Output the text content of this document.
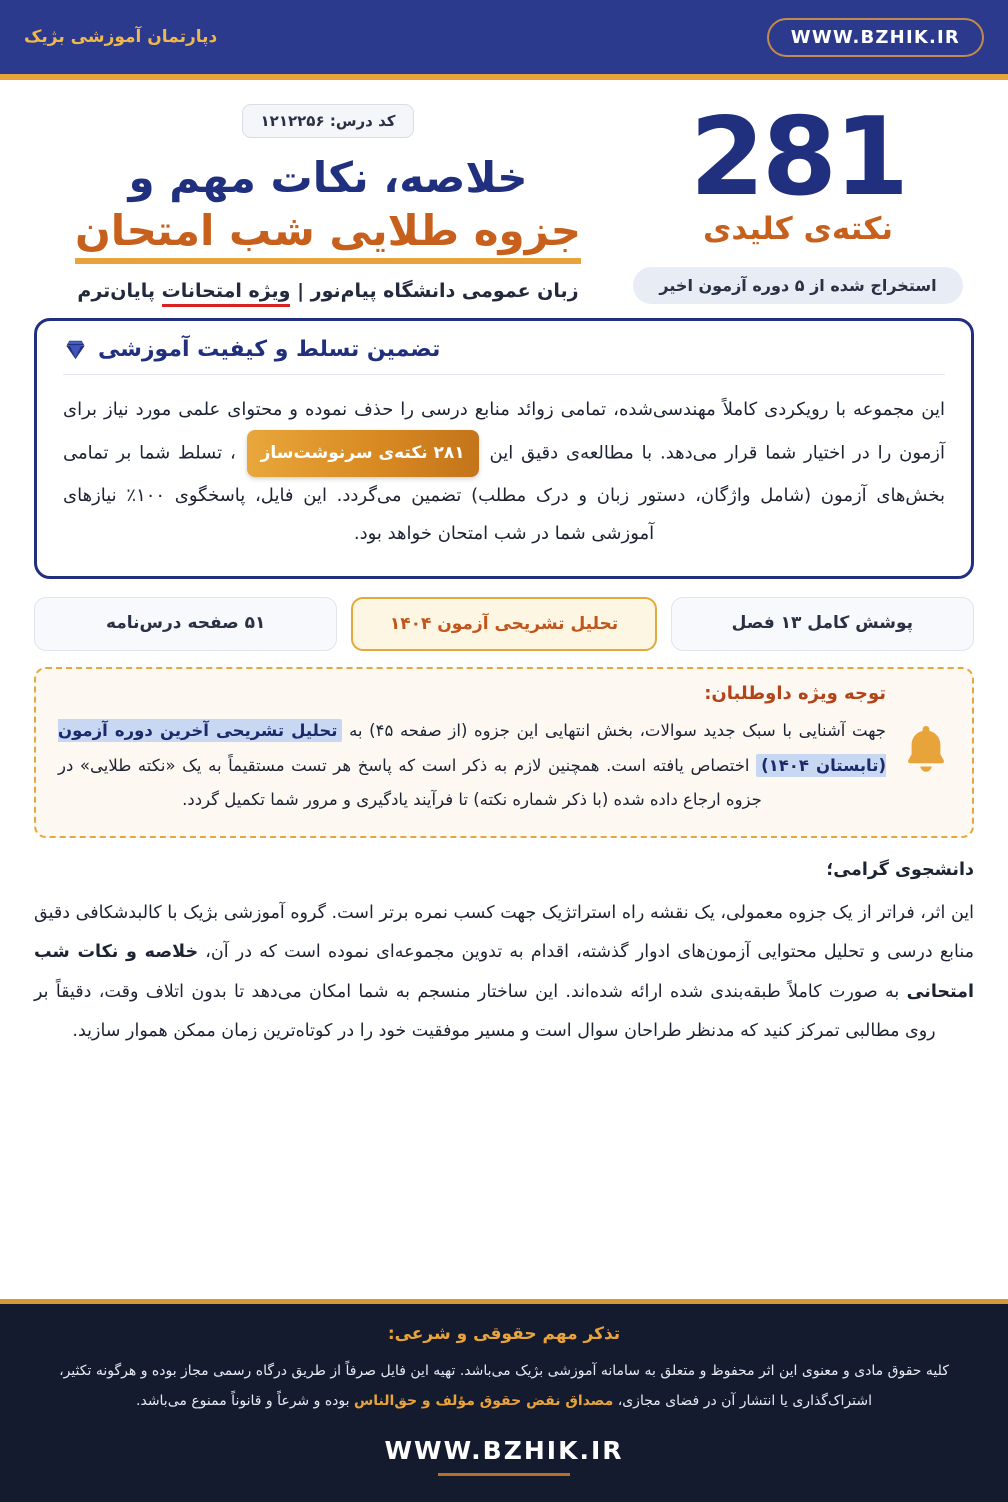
WWW.BZHIK.IR
دپارتمان آموزشی بژیک
کد درس: ۱۲۱۲۲۵۶
خلاصه، نکات مهم و
جزوه طلایی شب امتحان
زبان عمومی دانشگاه پیام‌نور | ویژه امتحانات پایان‌ترم
281
نکته‌ی کلیدی
استخراج شده از ۵ دوره آزمون اخیر
تضمین تسلط و کیفیت آموزشی
این مجموعه با رویکردی کاملاً مهندسی‌شده، تمامی زوائد منابع درسی را حذف نموده و محتوای علمی مورد نیاز برای آزمون را در اختیار شما قرار می‌دهد. با مطالعه‌ی دقیق این ۲۸۱ نکته‌ی سرنوشت‌ساز ، تسلط شما بر تمامی بخش‌های آزمون (شامل واژگان، دستور زبان و درک مطلب) تضمین می‌گردد. این فایل، پاسخگوی ۱۰۰٪ نیازهای آموزشی شما در شب امتحان خواهد بود.
۵۱ صفحه درس‌نامه	تحلیل تشریحی آزمون ۱۴۰۴	پوشش کامل ۱۳ فصل
توجه ویژه داوطلبان:
جهت آشنایی با سبک جدید سوالات، بخش انتهایی این جزوه (از صفحه ۴۵) به تحلیل تشریحی آخرین دوره آزمون (تابستان ۱۴۰۴) اختصاص یافته است. همچنین لازم به ذکر است که پاسخ هر تست مستقیماً به یک «نکته طلایی» در جزوه ارجاع داده شده (با ذکر شماره نکته) تا فرآیند یادگیری و مرور شما تکمیل گردد.
دانشجوی گرامی؛
این اثر، فراتر از یک جزوه معمولی، یک نقشه راه استراتژیک جهت کسب نمره برتر است. گروه آموزشی بژیک با کالبدشکافی دقیق منابع درسی و تحلیل محتوایی آزمون‌های ادوار گذشته، اقدام به تدوین مجموعه‌ای نموده است که در آن، خلاصه و نکات شب امتحانی به صورت کاملاً طبقه‌بندی شده ارائه شده‌اند. این ساختار منسجم به شما امکان می‌دهد تا بدون اتلاف وقت، دقیقاً بر روی مطالبی تمرکز کنید که مدنظر طراحان سوال است و مسیر موفقیت خود را در کوتاه‌ترین زمان ممکن هموار سازید.
تذکر مهم حقوقی و شرعی:
کلیه حقوق مادی و معنوی این اثر محفوظ و متعلق به سامانه آموزشی بژیک می‌باشد. تهیه این فایل صرفاً از طریق درگاه رسمی مجاز بوده و هرگونه تکثیر، اشتراک‌گذاری یا انتشار آن در فضای مجازی، مصداق نقض حقوق مؤلف و حق‌الناس بوده و شرعاً و قانوناً ممنوع می‌باشد.
WWW.BZHIK.IR
